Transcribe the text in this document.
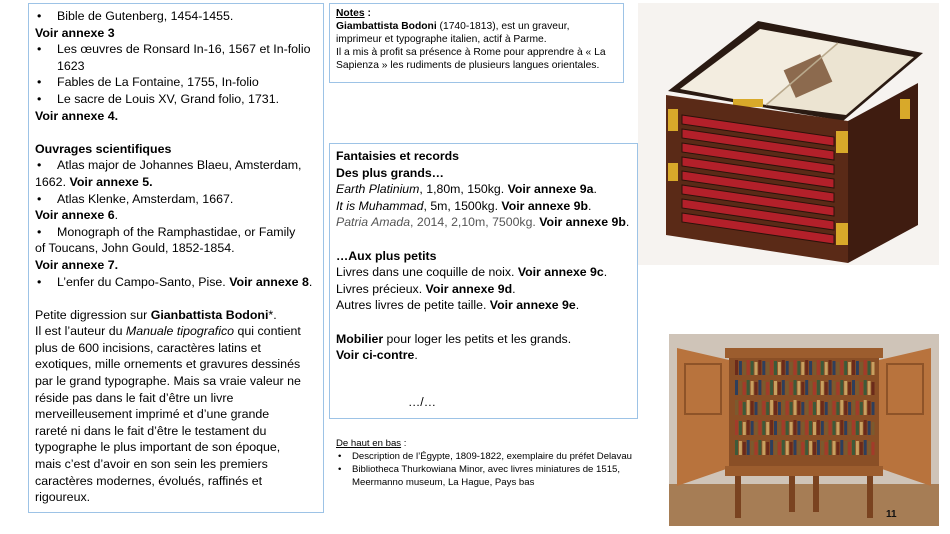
• Bible de Gutenberg, 1454-1455.
Voir annexe 3
• Les œuvres de Ronsard In-16, 1567 et In-folio
1623
• Fables de La Fontaine, 1755, In-folio
• Le sacre de Louis XV, Grand folio, 1731.
Voir annexe 4.
Ouvrages scientifiques
• Atlas major de Johannes Blaeu, Amsterdam,
1662. Voir annexe 5.
• Atlas Klenke, Amsterdam, 1667.
Voir annexe 6.
• Monograph of the Ramphastidae, or Family
of Toucans, John Gould, 1852-1854.
Voir annexe 7.
• L’enfer du Campo-Santo, Pise. Voir annexe 8.
Petite digression sur Gianbattista Bodoni*.
Il est l’auteur du Manuale tipografico qui contient
plus de 600 incisions, caractères latins et
exotiques, mille ornements et gravures dessinés
par le grand typographe. Mais sa vraie valeur ne
réside pas dans le fait d’être un livre
merveilleusement imprimé et d’une grande
rareté ni dans le fait d’être le testament du
typographe le plus important de son époque,
mais c’est d’avoir en son sein les premiers
caractères modernes, évolués, raffinés et
rigoureux.
Notes :
Giambattista Bodoni (1740-1813), est un graveur,
imprimeur et typographe italien, actif à Parme.
Il a mis à profit sa présence à Rome pour apprendre à « La
Sapienza » les rudiments de plusieurs langues orientales.
Fantaisies et records
Des plus grands…
Earth Platinium, 1,80m, 150kg. Voir annexe 9a.
It is Muhammad, 5m, 1500kg. Voir annexe 9b.
Patria Amada, 2014, 2,10m, 7500kg. Voir annexe 9b.
…Aux plus petits
Livres dans une coquille de noix. Voir annexe 9c.
Livres précieux. Voir annexe 9d.
Autres livres de petite taille. Voir annexe 9e.
Mobilier pour loger les petits et les grands.
Voir ci-contre.
…/…
De haut en bas :
• Description de l’Égypte, 1809-1822, exemplaire du préfet Delavau
• Bibliotheca Thurkowiana Minor, avec livres miniatures de 1515, Meermanno museum, La Hague, Pays bas
11
